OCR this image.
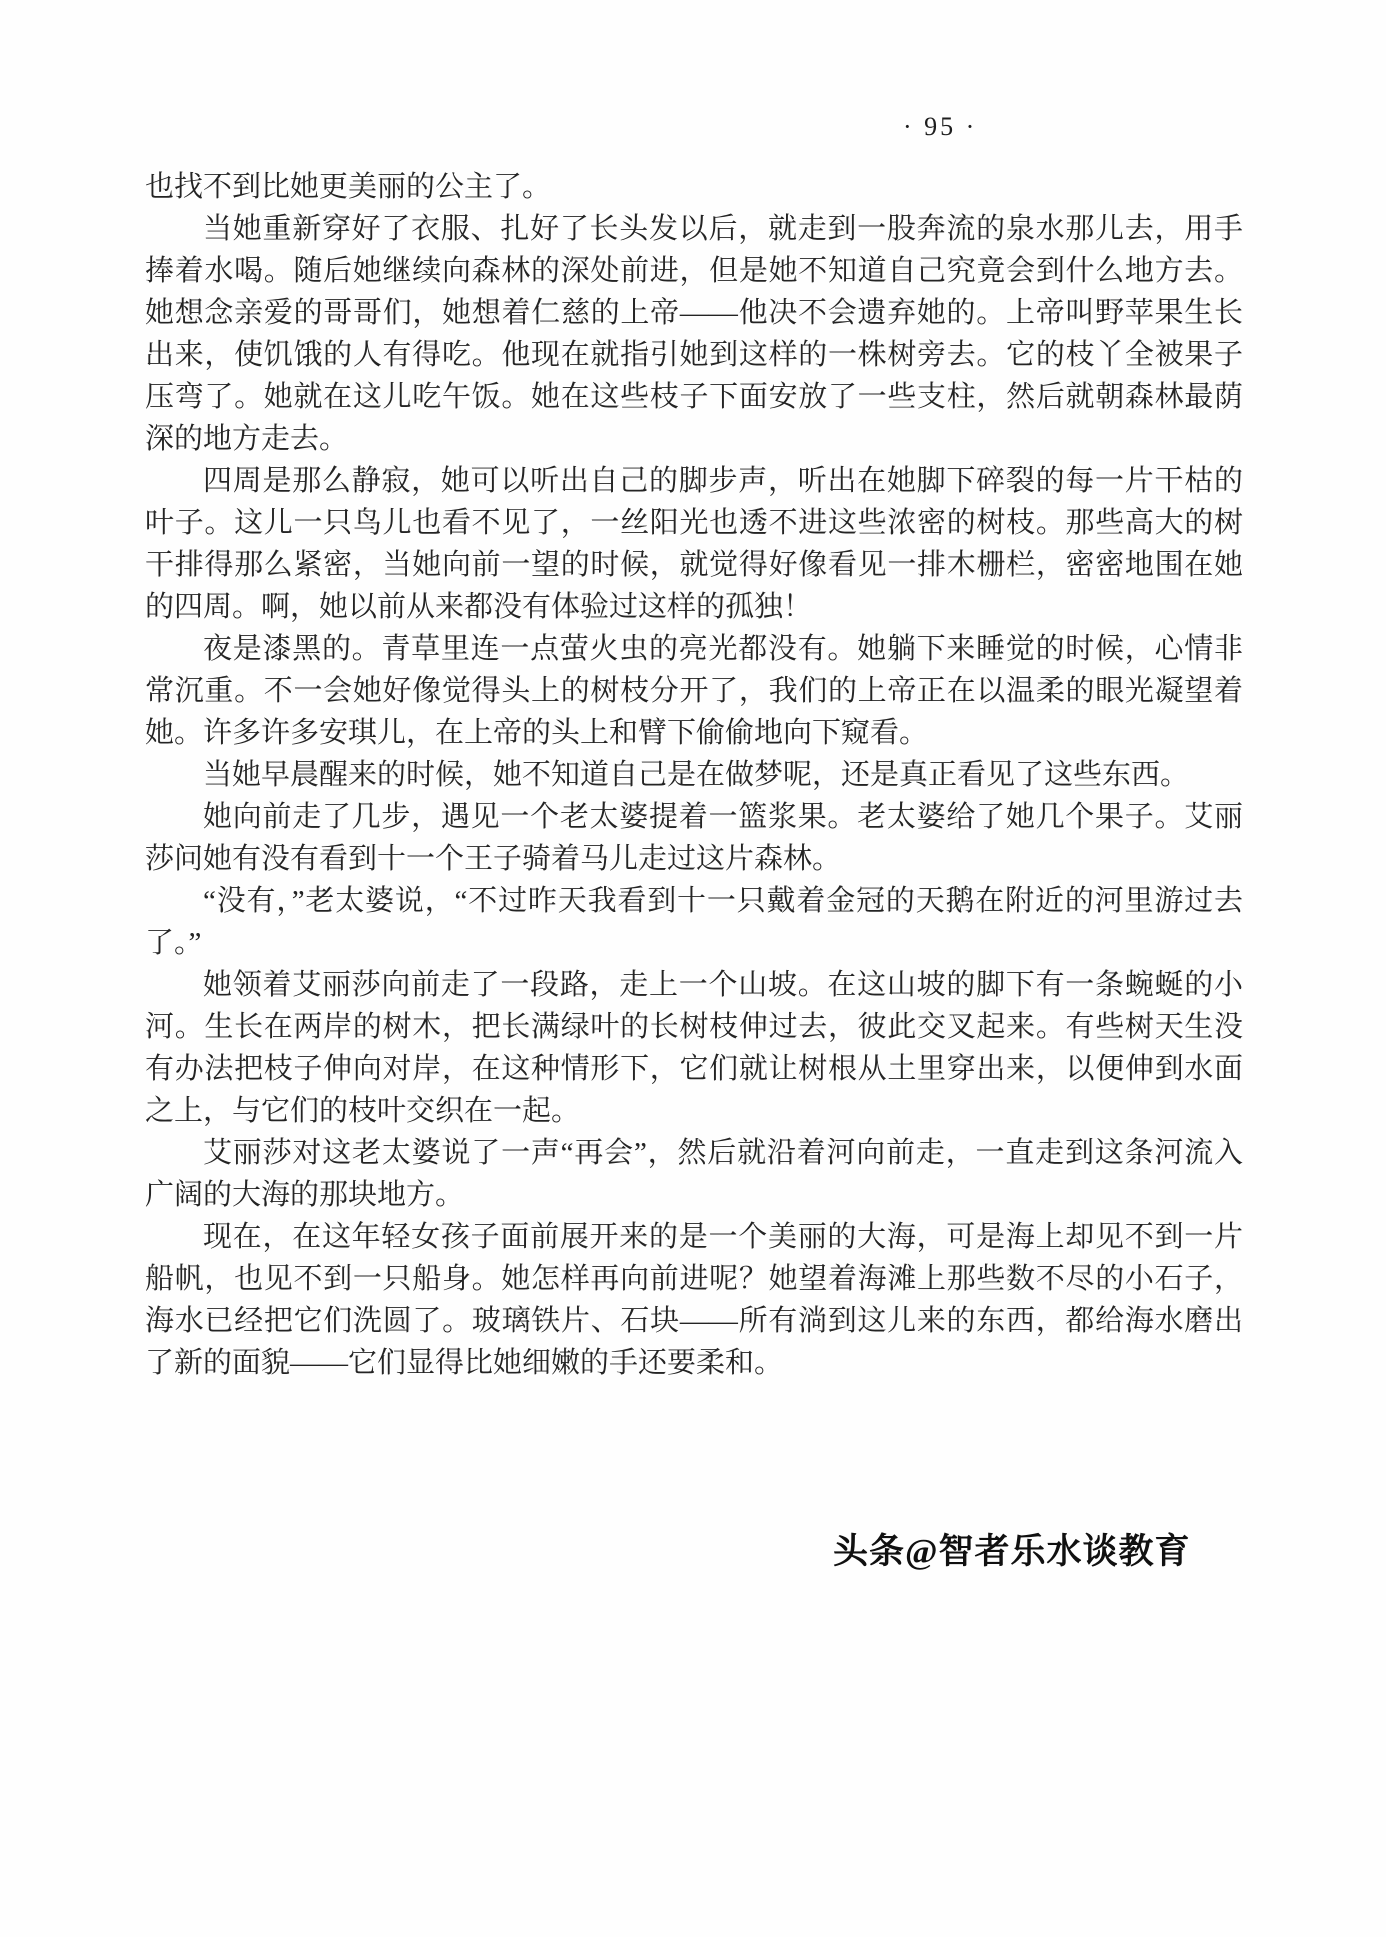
· 95 ·

也找不到比她更美丽的公主了。

当她重新穿好了衣服、扎好了长头发以后，就走到一股奔流的泉水那儿去，用手捧着水喝。随后她继续向森林的深处前进，但是她不知道自己究竟会到什么地方去。她想念亲爱的哥哥们，她想着仁慈的上帝——他决不会遗弃她的。上帝叫野苹果生长出来，使饥饿的人有得吃。他现在就指引她到这样的一株树旁去。它的枝丫全被果子压弯了。她就在这儿吃午饭。她在这些枝子下面安放了一些支柱，然后就朝森林最荫深的地方走去。

四周是那么静寂，她可以听出自己的脚步声，听出在她脚下碎裂的每一片干枯的叶子。这儿一只鸟儿也看不见了，一丝阳光也透不进这些浓密的树枝。那些高大的树干排得那么紧密，当她向前一望的时候，就觉得好像看见一排木栅栏，密密地围在她的四周。啊，她以前从来都没有体验过这样的孤独！

夜是漆黑的。青草里连一点萤火虫的亮光都没有。她躺下来睡觉的时候，心情非常沉重。不一会她好像觉得头上的树枝分开了，我们的上帝正在以温柔的眼光凝望着她。许多许多安琪儿，在上帝的头上和臂下偷偷地向下窥看。

当她早晨醒来的时候，她不知道自己是在做梦呢，还是真正看见了这些东西。

她向前走了几步，遇见一个老太婆提着一篮浆果。老太婆给了她几个果子。艾丽莎问她有没有看到十一个王子骑着马儿走过这片森林。

“没有，”老太婆说，“不过昨天我看到十一只戴着金冠的天鹅在附近的河里游过去了。”

她领着艾丽莎向前走了一段路，走上一个山坡。在这山坡的脚下有一条蜿蜒的小河。生长在两岸的树木，把长满绿叶的长树枝伸过去，彼此交叉起来。有些树天生没有办法把枝子伸向对岸，在这种情形下，它们就让树根从土里穿出来，以便伸到水面之上，与它们的枝叶交织在一起。

艾丽莎对这老太婆说了一声“再会”，然后就沿着河向前走，一直走到这条河流入广阔的大海的那块地方。

现在，在这年轻女孩子面前展开来的是一个美丽的大海，可是海上却见不到一片船帆，也见不到一只船身。她怎样再向前进呢？她望着海滩上那些数不尽的小石子，海水已经把它们洗圆了。玻璃铁片、石块——所有淌到这儿来的东西，都给海水磨出了新的面貌——它们显得比她细嫩的手还要柔和。

头条@智者乐水谈教育
